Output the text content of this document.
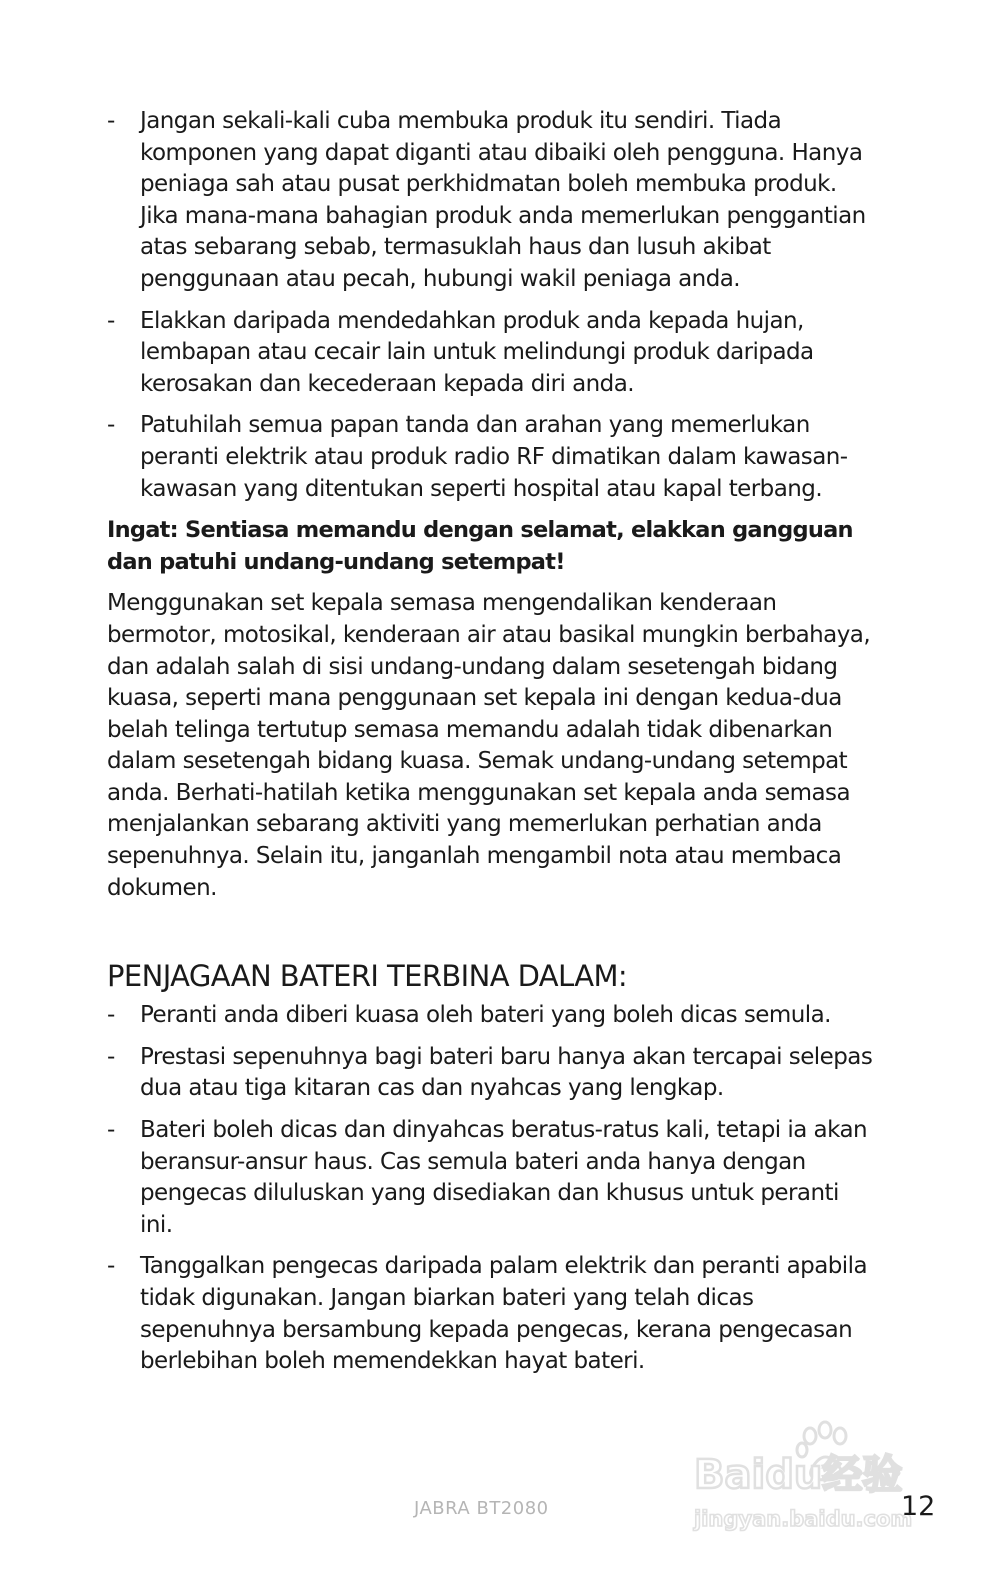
- Jangan sekali-kali cuba membuka produk itu sendiri. Tiada komponen yang dapat diganti atau dibaiki oleh pengguna. Hanya peniaga sah atau pusat perkhidmatan boleh membuka produk. Jika mana-mana bahagian produk anda memerlukan penggantian atas sebarang sebab, termasuklah haus dan lusuh akibat penggunaan atau pecah, hubungi wakil peniaga anda.
- Elakkan daripada mendedahkan produk anda kepada hujan, lembapan atau cecair lain untuk melindungi produk daripada kerosakan dan kecederaan kepada diri anda.
- Patuhilah semua papan tanda dan arahan yang memerlukan peranti elektrik atau produk radio RF dimatikan dalam kawasan-kawasan yang ditentukan seperti hospital atau kapal terbang.

Ingat: Sentiasa memandu dengan selamat, elakkan gangguan dan patuhi undang-undang setempat!

Menggunakan set kepala semasa mengendalikan kenderaan bermotor, motosikal, kenderaan air atau basikal mungkin berbahaya, dan adalah salah di sisi undang-undang dalam sesetengah bidang kuasa, seperti mana penggunaan set kepala ini dengan kedua-dua belah telinga tertutup semasa memandu adalah tidak dibenarkan dalam sesetengah bidang kuasa. Semak undang-undang setempat anda. Berhati-hatilah ketika menggunakan set kepala anda semasa menjalankan sebarang aktiviti yang memerlukan perhatian anda sepenuhnya. Selain itu, janganlah mengambil nota atau membaca dokumen.

PENJAGAAN BATERI TERBINA DALAM:
- Peranti anda diberi kuasa oleh bateri yang boleh dicas semula.
- Prestasi sepenuhnya bagi bateri baru hanya akan tercapai selepas dua atau tiga kitaran cas dan nyahcas yang lengkap.
- Bateri boleh dicas dan dinyahcas beratus-ratus kali, tetapi ia akan beransur-ansur haus. Cas semula bateri anda hanya dengan pengecas diluluskan yang disediakan dan khusus untuk peranti ini.
- Tanggalkan pengecas daripada palam elektrik dan peranti apabila tidak digunakan. Jangan biarkan bateri yang telah dicas sepenuhnya bersambung kepada pengecas, kerana pengecasan berlebihan boleh memendekkan hayat bateri.
JABRA BT2080
Baidu经验
jingyan.baidu.com
12
